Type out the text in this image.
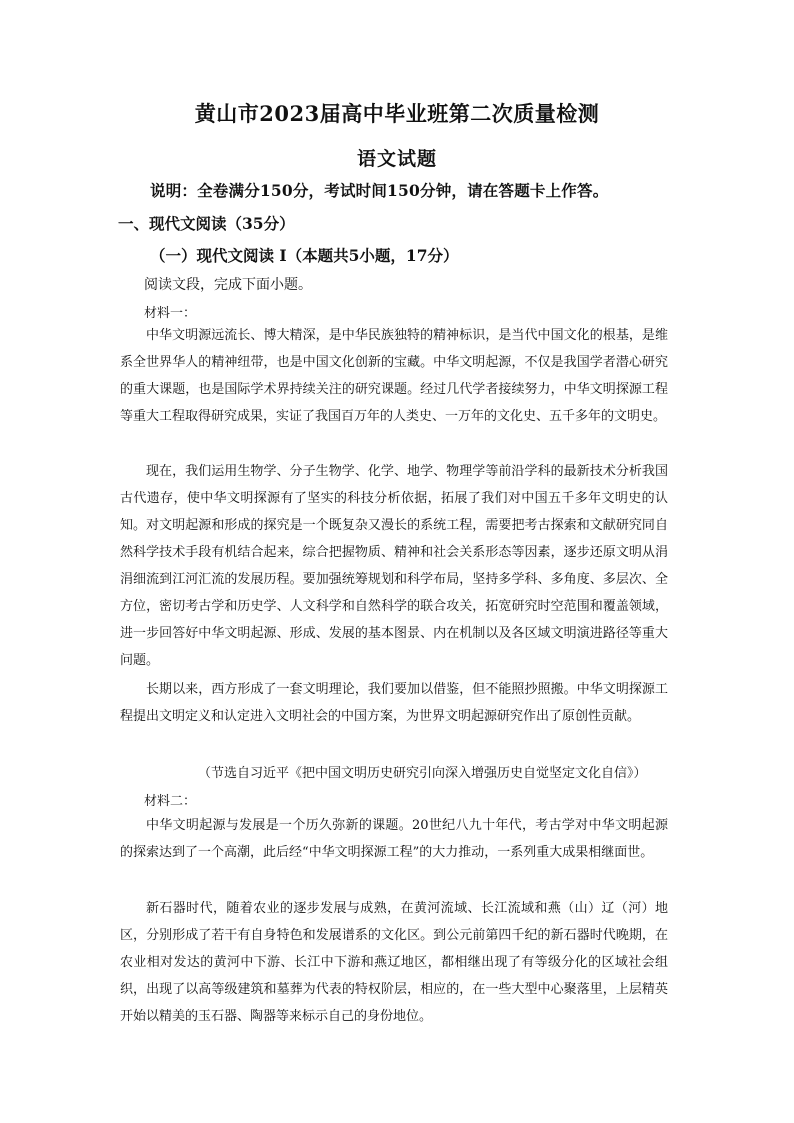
黄山市2023届高中毕业班第二次质量检测
语文试题
说明：全卷满分150分，考试时间150分钟，请在答题卡上作答。
一、现代文阅读（35分）
（一）现代文阅读 I（本题共5小题，17分）
阅读文段，完成下面小题。
材料一：

中华文明源远流长、博大精深，是中华民族独特的精神标识，是当代中国文化的根基，是维系全世界华人的精神纽带，也是中国文化创新的宝藏。中华文明起源，不仅是我国学者潜心研究的重大课题，也是国际学术界持续关注的研究课题。经过几代学者接续努力，中华文明探源工程等重大工程取得研究成果，实证了我国百万年的人类史、一万年的文化史、五千多年的文明史。

现在，我们运用生物学、分子生物学、化学、地学、物理学等前沿学科的最新技术分析我国古代遗存，使中华文明探源有了坚实的科技分析依据，拓展了我们对中国五千多年文明史的认知。对文明起源和形成的探究是一个既复杂又漫长的系统工程，需要把考古探索和文献研究同自然科学技术手段有机结合起来，综合把握物质、精神和社会关系形态等因素，逐步还原文明从涓涓细流到江河汇流的发展历程。要加强统筹规划和科学布局，坚持多学科、多角度、多层次、全方位，密切考古学和历史学、人文科学和自然科学的联合攻关，拓宽研究时空范围和覆盖领域，进一步回答好中华文明起源、形成、发展的基本图景、内在机制以及各区域文明演进路径等重大问题。

长期以来，西方形成了一套文明理论，我们要加以借鉴，但不能照抄照搬。中华文明探源工程提出文明定义和认定进入文明社会的中国方案，为世界文明起源研究作出了原创性贡献。

（节选自习近平《把中国文明历史研究引向深入增强历史自觉坚定文化自信》）
材料二：

中华文明起源与发展是一个历久弥新的课题。20世纪八九十年代，考古学对中华文明起源的探索达到了一个高潮，此后经“中华文明探源工程”的大力推动，一系列重大成果相继面世。

新石器时代，随着农业的逐步发展与成熟，在黄河流域、长江流域和燕（山）辽（河）地区，分别形成了若干有自身特色和发展谱系的文化区。到公元前第四千纪的新石器时代晚期，在农业相对发达的黄河中下游、长江中下游和燕辽地区，都相继出现了有等级分化的区域社会组织，出现了以高等级建筑和墓葬为代表的特权阶层，相应的，在一些大型中心聚落里，上层精英开始以精美的玉石器、陶器等来标示自己的身份地位。
